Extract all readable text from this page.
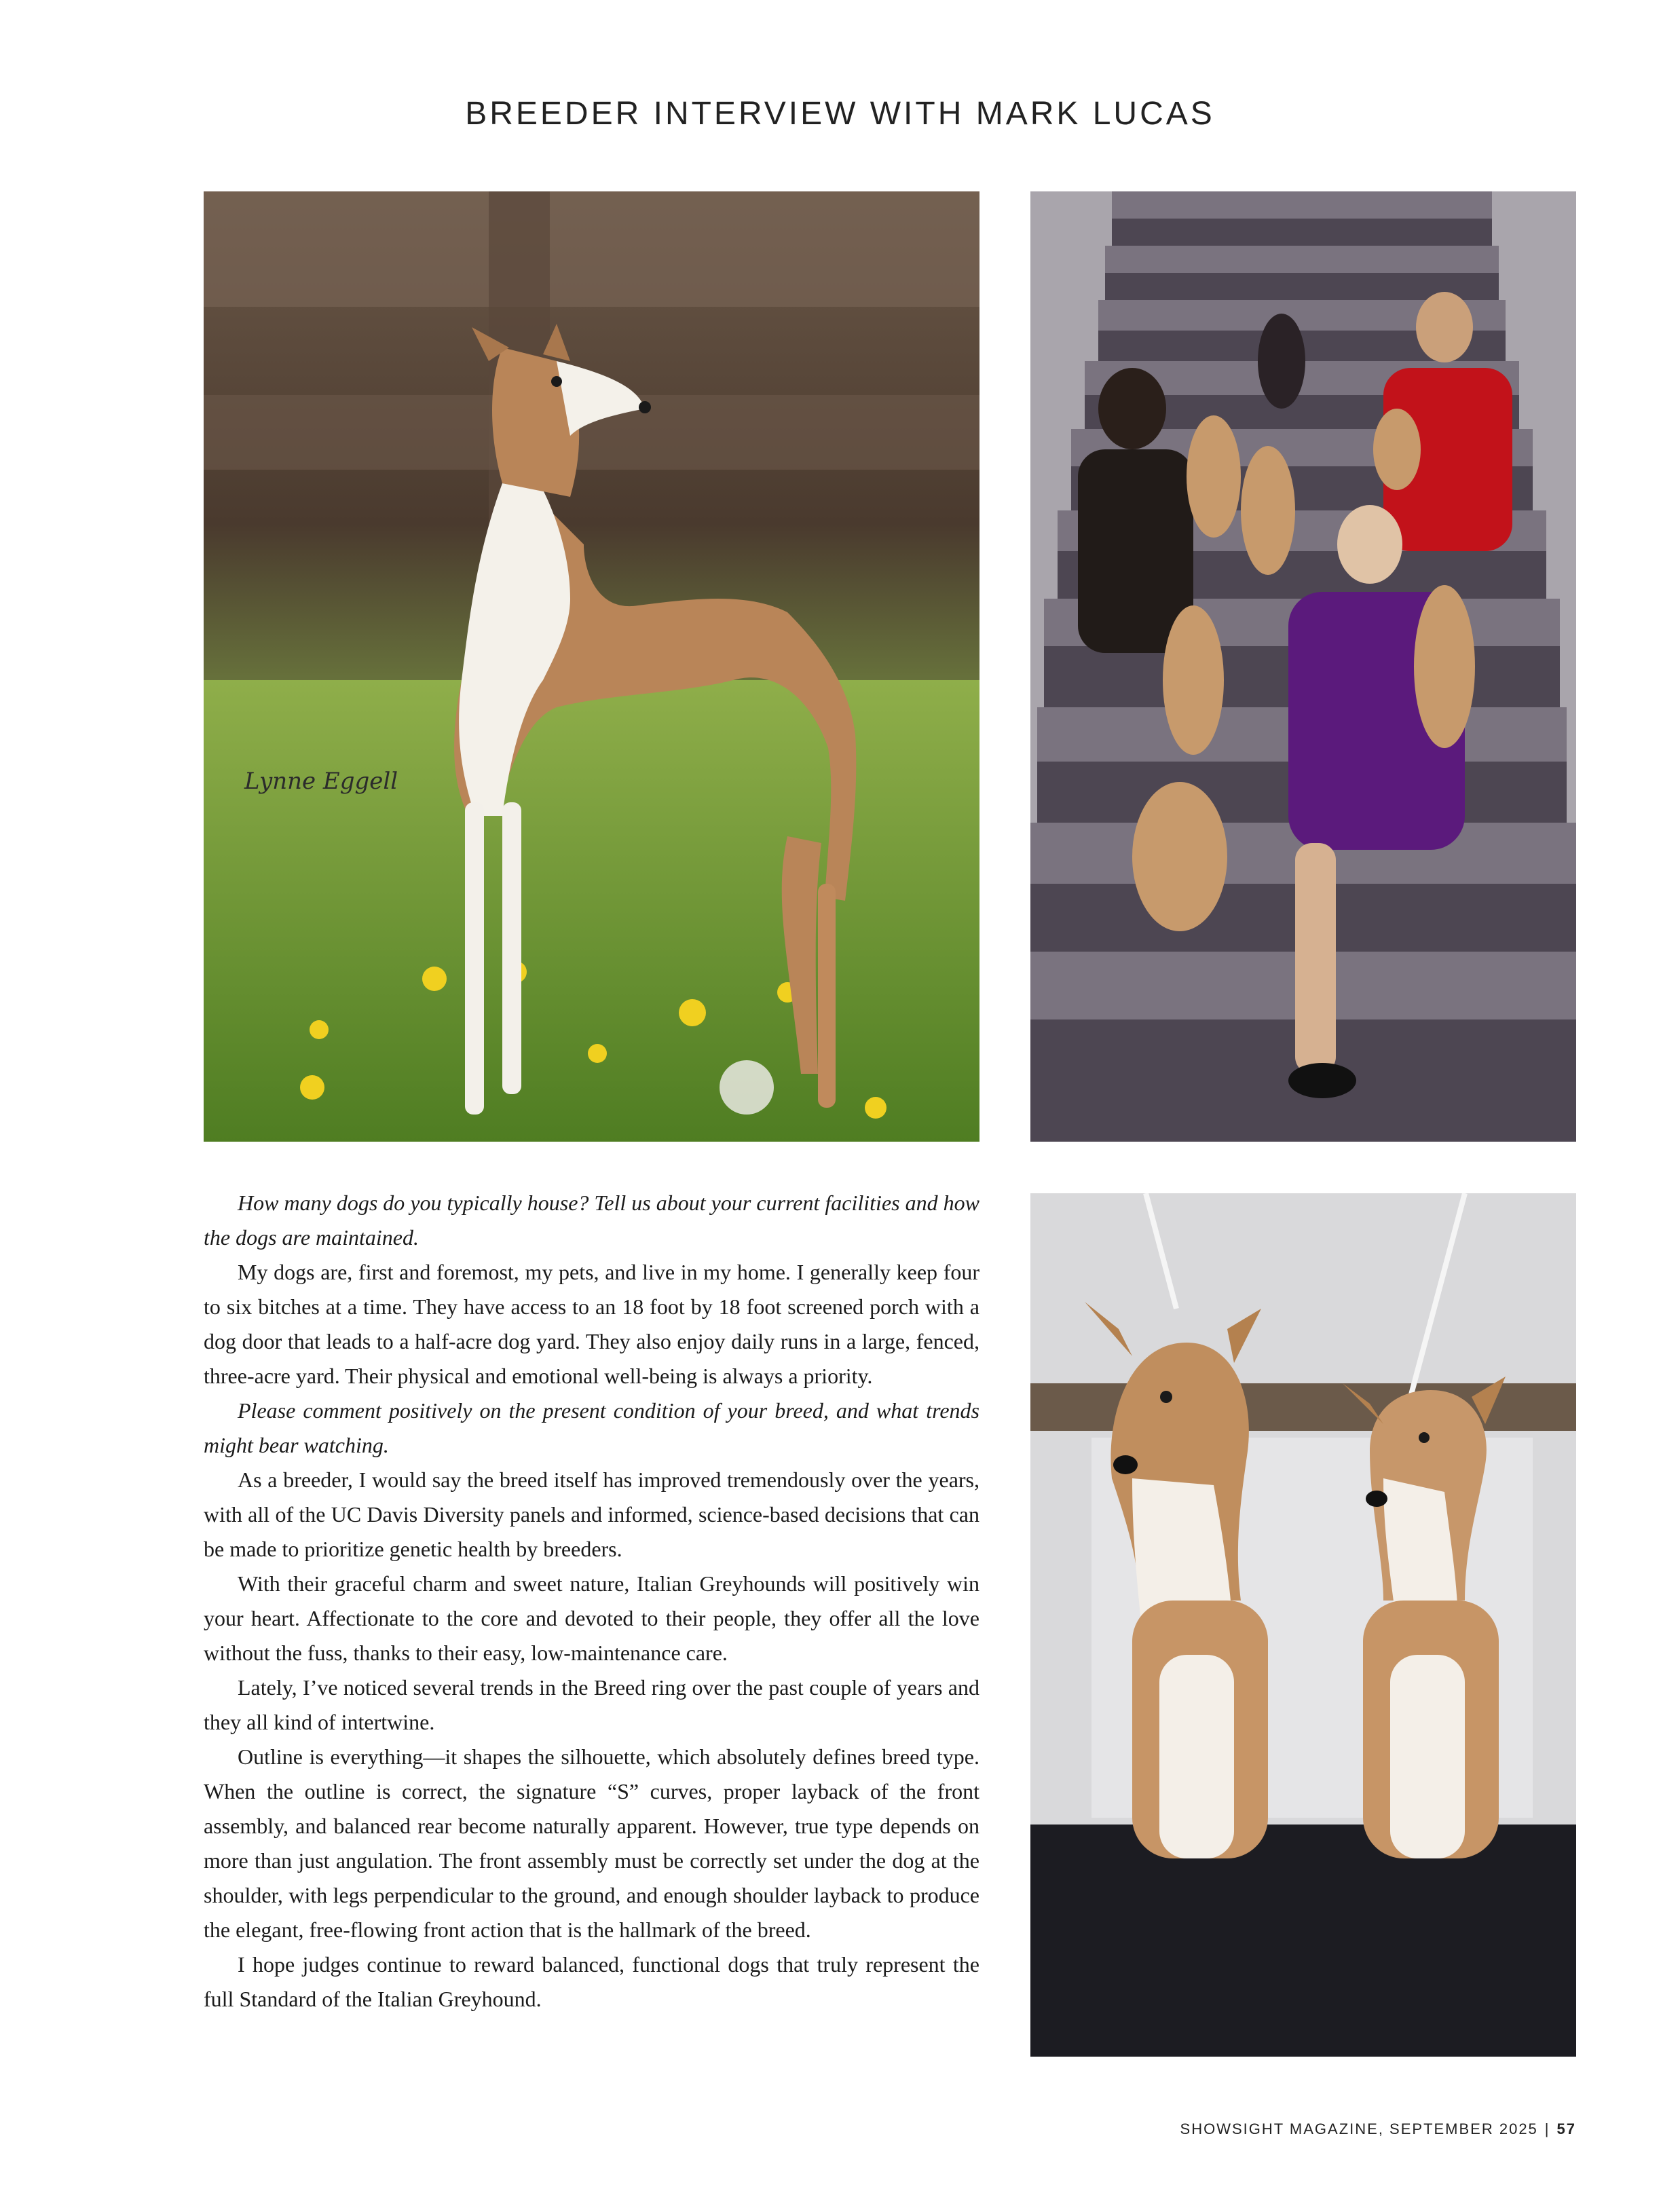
BREEDER INTERVIEW WITH MARK LUCAS
Lynne Eggell

How many dogs do you typically house? Tell us about your current facilities and how the dogs are maintained.

My dogs are, first and foremost, my pets, and live in my home. I generally keep four to six bitches at a time. They have access to an 18 foot by 18 foot screened porch with a dog door that leads to a half-acre dog yard. They also enjoy daily runs in a large, fenced, three-acre yard. Their physical and emotional well-being is always a priority.

Please comment positively on the present condition of your breed, and what trends might bear watching.

As a breeder, I would say the breed itself has improved tremendously over the years, with all of the UC Davis Diversity panels and informed, science-based decisions that can be made to prioritize genetic health by breeders.

With their graceful charm and sweet nature, Italian Greyhounds will positively win your heart. Affectionate to the core and devoted to their people, they offer all the love without the fuss, thanks to their easy, low-maintenance care.

Lately, I’ve noticed several trends in the Breed ring over the past couple of years and they all kind of intertwine.

Outline is everything—it shapes the silhouette, which absolutely defines breed type. When the outline is correct, the signature “S” curves, proper layback of the front assembly, and balanced rear become naturally apparent. However, true type depends on more than just angulation. The front assembly must be correctly set under the dog at the shoulder, with legs perpendicular to the ground, and enough shoulder layback to produce the elegant, free-flowing front action that is the hallmark of the breed.

I hope judges continue to reward balanced, functional dogs that truly represent the full Standard of the Italian Greyhound.

SHOWSIGHT MAGAZINE, SEPTEMBER 2025 | 57
